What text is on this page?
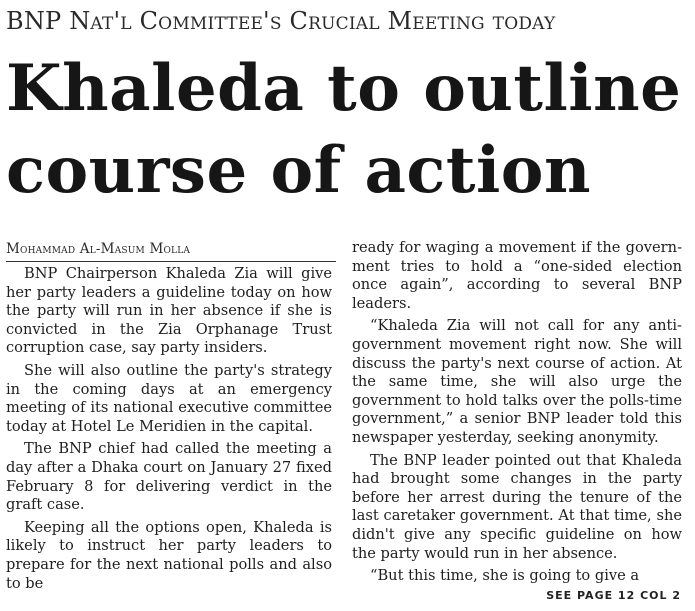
BNP Nat'l Committee's Crucial Meeting today
Khaleda to outline
course of action
Mohammad Al-Masum Molla

BNP Chairperson Khaleda Zia will give her party leaders a guideline today on how the party will run in her absence if she is convicted in the Zia Orphanage Trust corruption case, say party insiders.

She will also outline the party's strategy in the coming days at an emergency meeting of its national executive committee today at Hotel Le Meridien in the capital.

The BNP chief had called the meeting a day after a Dhaka court on January 27 fixed February 8 for delivering verdict in the graft case.

Keeping all the options open, Khaleda is likely to instruct her party leaders to prepare for the next national polls and also to be

ready for waging a movement if the government tries to hold a “one-sided election once again”, according to several BNP leaders.

“Khaleda Zia will not call for any anti-government movement right now. She will discuss the party's next course of action. At the same time, she will also urge the government to hold talks over the polls-time government,” a senior BNP leader told this newspaper yesterday, seeking anonymity.

The BNP leader pointed out that Khaleda had brought some changes in the party before her arrest during the tenure of the last caretaker government. At that time, she didn't give any specific guideline on how the party would run in her absence.

“But this time, she is going to give a

SEE PAGE 12 COL 2
